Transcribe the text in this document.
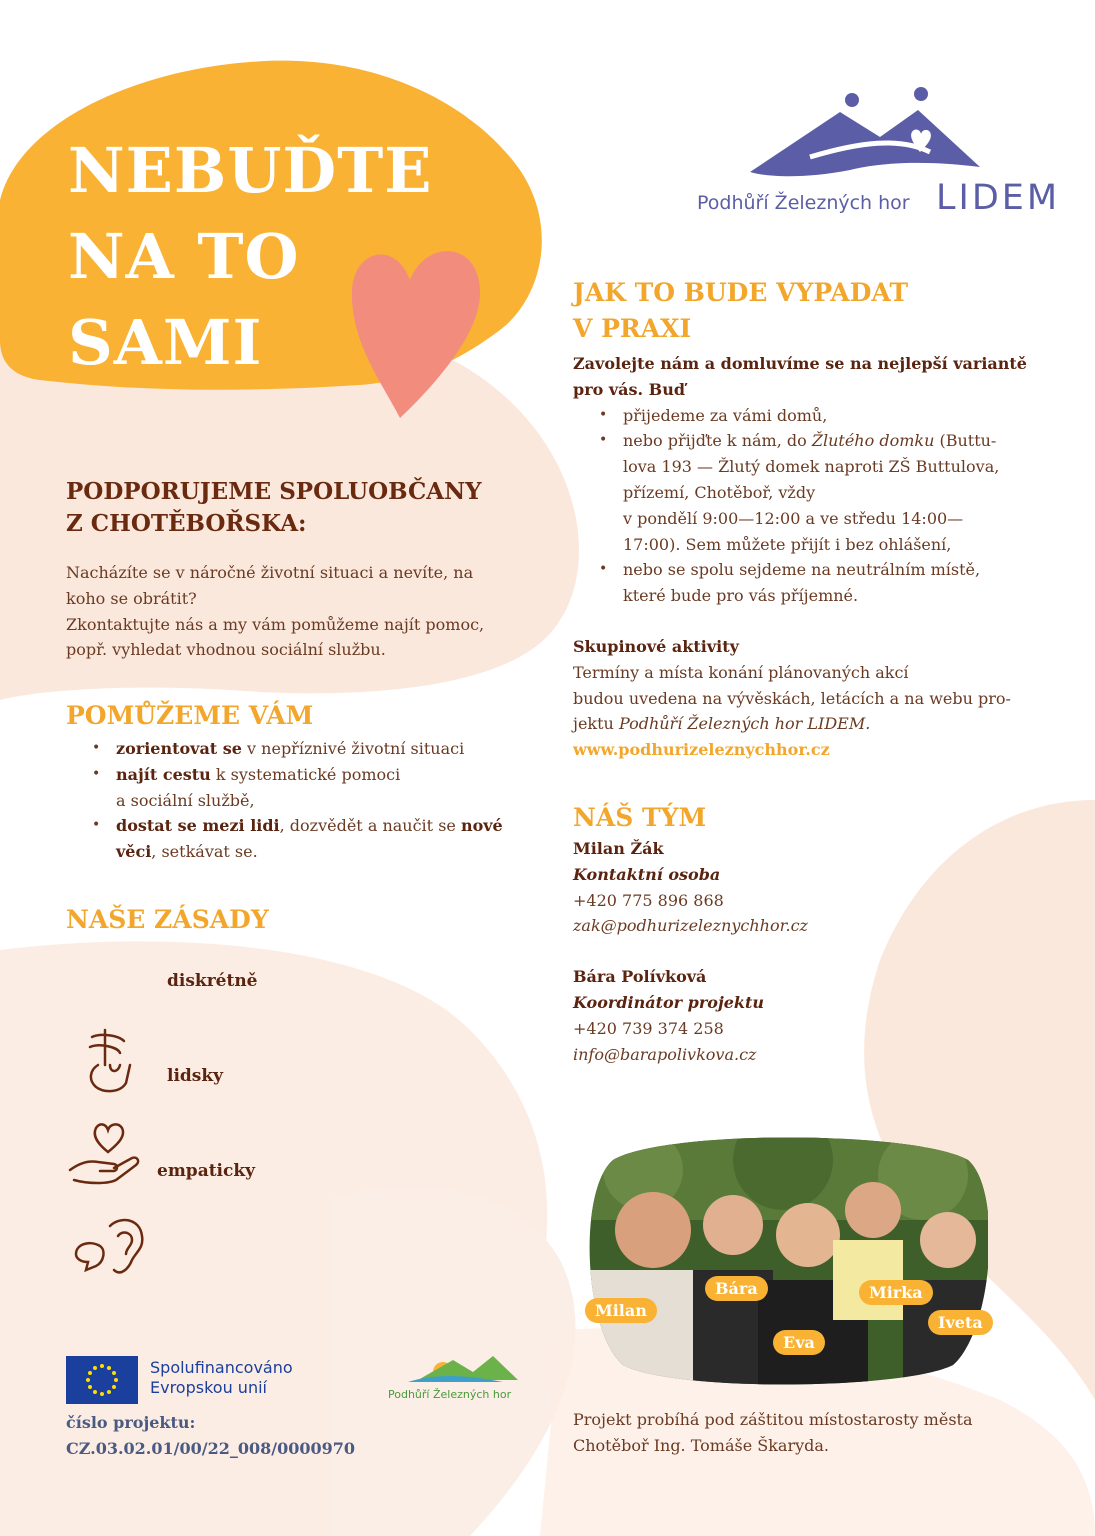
NEBUĎTE
NA TO
SAMI
Podhůří Železných hor LIDEM
PODPORUJEME SPOLUOBČANY
Z CHOTĚBOŘSKA:
Nacházíte se v náročné životní situaci a nevíte, na
koho se obrátit?
Zkontaktujte nás a my vám pomůžeme najít pomoc,
popř. vyhledat vhodnou sociální službu.
POMŮŽEME VÁM
• zorientovat se v nepříznivé životní situaci
• najít cestu k systematické pomoci
a sociální službě,
• dostat se mezi lidi, dozvědět a naučit se nové
věci, setkávat se.
NAŠE ZÁSADY
diskrétně
lidsky
empaticky
JAK TO BUDE VYPADAT
V PRAXI
Zavolejte nám a domluvíme se na nejlepší variantě
pro vás. Buď
• přijedeme za vámi domů,
• nebo přijďte k nám, do Žlutého domku (Buttu-
lova 193 — Žlutý domek naproti ZŠ Buttulova,
přízemí, Chotěboř, vždy
v pondělí 9:00—12:00 a ve středu 14:00—
17:00). Sem můžete přijít i bez ohlášení,
• nebo se spolu sejdeme na neutrálním místě,
které bude pro vás příjemné.
Skupinové aktivity
Termíny a místa konání plánovaných akcí
budou uvedena na vývěskách, letácích a na webu pro-
jektu Podhůří Železných hor LIDEM.
www.podhurizeleznychhor.cz
NÁŠ TÝM
Milan Žák
Kontaktní osoba
+420 775 896 868
zak@podhurizeleznychhor.cz
Bára Polívková
Koordinátor projektu
+420 739 374 258
info@barapolivkova.cz
Milan
Bára
Eva
Mirka
Iveta
Spolufinancováno
Evropskou unií
číslo projektu:
CZ.03.02.01/00/22_008/0000970
Podhůří Železných hor
Projekt probíhá pod záštitou místostarosty města
Chotěboř Ing. Tomáše Škaryda.
